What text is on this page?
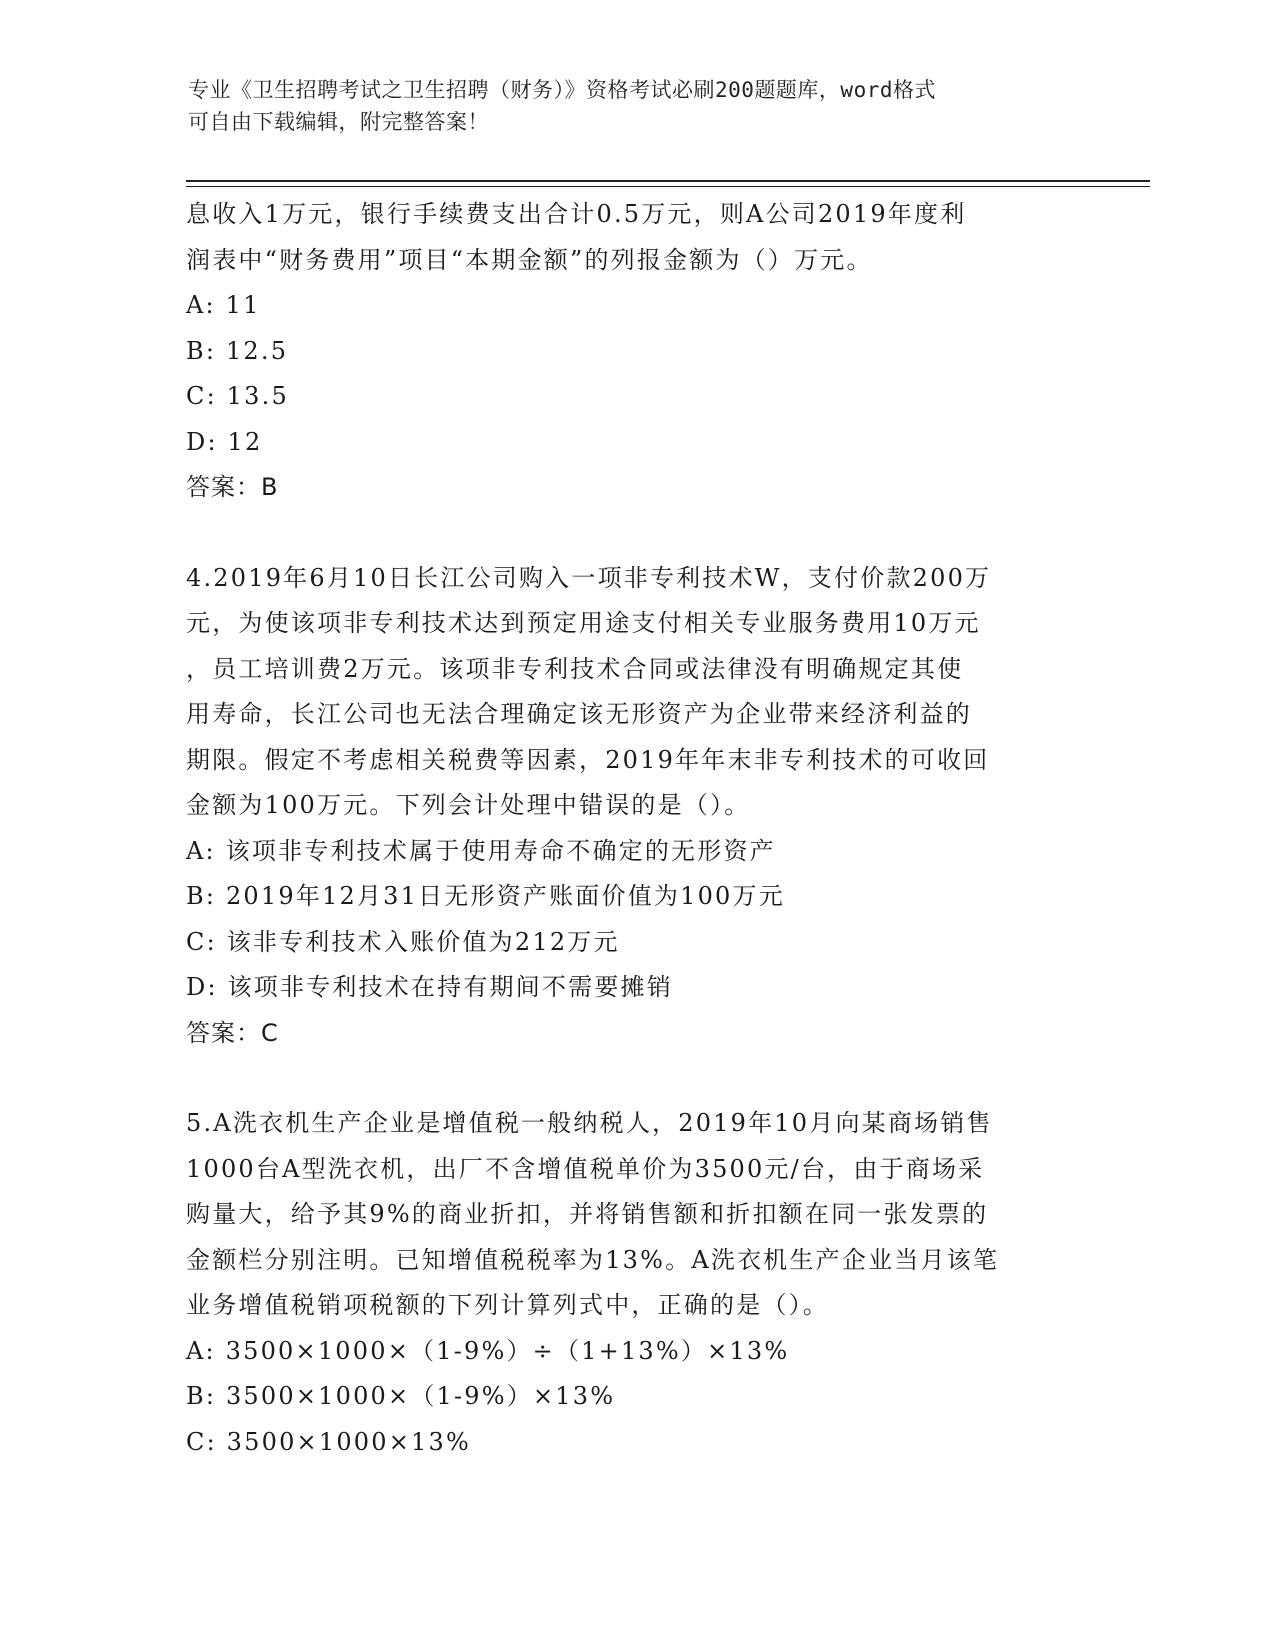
专业《卫生招聘考试之卫生招聘（财务）》资格考试必刷200题题库，word格式
可自由下载编辑，附完整答案！
息收入1万元，银行手续费支出合计0.5万元，则A公司2019年度利
润表中“财务费用”项目“本期金额”的列报金额为（）万元。
A: 11
B: 12.5
C: 13.5
D: 12
答案：B
4.2019年6月10日长江公司购入一项非专利技术W，支付价款200万
元，为使该项非专利技术达到预定用途支付相关专业服务费用10万元
，员工培训费2万元。该项非专利技术合同或法律没有明确规定其使
用寿命，长江公司也无法合理确定该无形资产为企业带来经济利益的
期限。假定不考虑相关税费等因素，2019年年末非专利技术的可收回
金额为100万元。下列会计处理中错误的是（）。
A: 该项非专利技术属于使用寿命不确定的无形资产
B: 2019年12月31日无形资产账面价值为100万元
C: 该非专利技术入账价值为212万元
D: 该项非专利技术在持有期间不需要摊销
答案：C
5.A洗衣机生产企业是增值税一般纳税人，2019年10月向某商场销售
1000台A型洗衣机，出厂不含增值税单价为3500元/台，由于商场采
购量大，给予其9%的商业折扣，并将销售额和折扣额在同一张发票的
金额栏分别注明。已知增值税税率为13%。A洗衣机生产企业当月该笔
业务增值税销项税额的下列计算列式中，正确的是（）。
A: 3500×1000×（1-9%）÷（1+13%）×13%
B: 3500×1000×（1-9%）×13%
C: 3500×1000×13%
